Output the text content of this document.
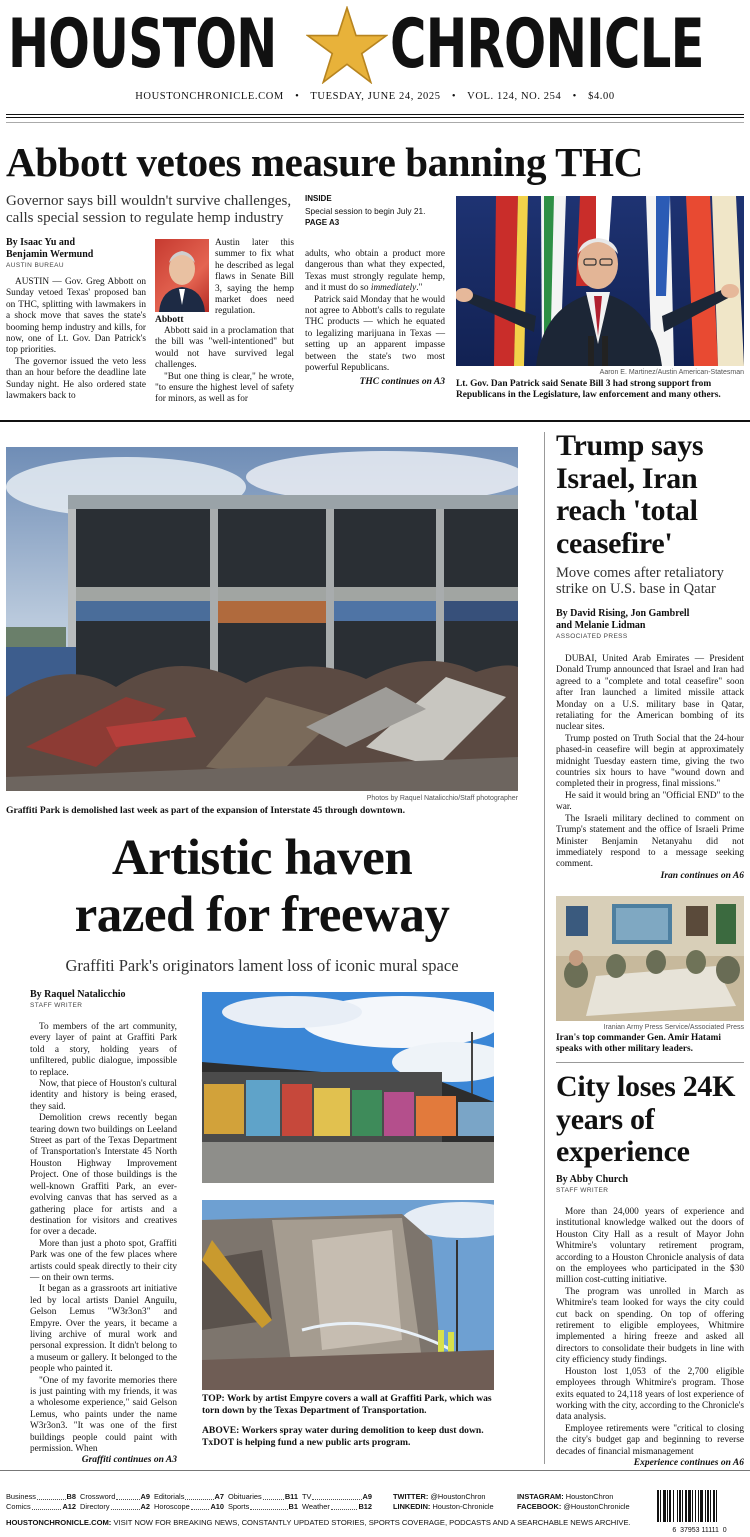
HOUSTON CHRONICLE
HOUSTONCHRONICLE.COM • TUESDAY, JUNE 24, 2025 • VOL. 124, NO. 254 • $4.00
Abbott vetoes measure banning THC
Governor says bill wouldn't survive challenges, calls special session to regulate hemp industry
By Isaac Yu and
Benjamin Wermund
AUSTIN BUREAU

AUSTIN — Gov. Greg Abbott on Sunday vetoed Texas' proposed ban on THC, splitting with lawmakers in a shock move that saves the state's booming hemp industry and kills, for now, one of Lt. Gov. Dan Patrick's top priorities.

The governor issued the veto less than an hour before the deadline late Sunday night. He also ordered state lawmakers back to

Abbott

Austin later this summer to fix what he described as legal flaws in Senate Bill 3, saying the hemp market does need regulation.

Abbott said in a proclamation that the bill was "well-intentioned" but would not have survived legal challenges.

"But one thing is clear," he wrote, "to ensure the highest level of safety for minors, as well as for

INSIDE
Special session to begin July 21.
PAGE A3

adults, who obtain a product more dangerous than what they expected, Texas must strongly regulate hemp, and it must do so immediately."

Patrick said Monday that he would not agree to Abbott's calls to regulate THC products — which he equated to legalizing marijuana in Texas — setting up an apparent impasse between the state's two most powerful Republicans.

THC continues on A3
Aaron E. Martinez/Austin American-Statesman
Lt. Gov. Dan Patrick said Senate Bill 3 had strong support from Republicans in the Legislature, law enforcement and many others.
Photos by Raquel Natalicchio/Staff photographer
Graffiti Park is demolished last week as part of the expansion of Interstate 45 through downtown.
Artistic haven
razed for freeway
Graffiti Park's originators lament loss of iconic mural space
By Raquel Natalicchio
STAFF WRITER

To members of the art community, every layer of paint at Graffiti Park told a story, holding years of unfiltered, public dialogue, impossible to replace.

Now, that piece of Houston's cultural identity and history is being erased, they said.

Demolition crews recently began tearing down two buildings on Leeland Street as part of the Texas Department of Transportation's Interstate 45 North Houston Highway Improvement Project. One of those buildings is the well-known Graffiti Park, an ever-evolving canvas that has served as a gathering place for artists and a destination for visitors and creatives for over a decade.

More than just a photo spot, Graffiti Park was one of the few places where artists could speak directly to their city — on their own terms.

It began as a grassroots art initiative led by local artists Daniel Anguilu, Gelson Lemus "W3r3on3" and Empyre. Over the years, it became a living archive of mural work and personal expression. It didn't belong to a museum or gallery. It belonged to the people who painted it.

"One of my favorite memories there is just painting with my friends, it was a wholesome experience," said Gelson Lemus, who paints under the name W3r3on3. "It was one of the first buildings people could paint with permission. When

Graffiti continues on A3
TOP: Work by artist Empyre covers a wall at Graffiti Park, which was torn down by the Texas Department of Transportation.
ABOVE: Workers spray water during demolition to keep dust down. TxDOT is helping fund a new public arts program.
Trump says Israel, Iran reach 'total ceasefire'
Move comes after retaliatory strike on U.S. base in Qatar
By David Rising, Jon Gambrell
and Melanie Lidman
ASSOCIATED PRESS

DUBAI, United Arab Emirates — President Donald Trump announced that Israel and Iran had agreed to a "complete and total ceasefire" soon after Iran launched a limited missile attack Monday on a U.S. military base in Qatar, retaliating for the American bombing of its nuclear sites.

Trump posted on Truth Social that the 24-hour phased-in ceasefire will begin at approximately midnight Tuesday eastern time, giving the two countries six hours to have "wound down and completed their in progress, final missions."

He said it would bring an "Official END" to the war.

The Israeli military declined to comment on Trump's statement and the office of Israeli Prime Minister Benjamin Netanyahu did not immediately respond to a message seeking comment.

Iran continues on A6
Iranian Army Press Service/Associated Press
Iran's top commander Gen. Amir Hatami speaks with other military leaders.
City loses 24K years of experience
By Abby Church
STAFF WRITER

More than 24,000 years of experience and institutional knowledge walked out the doors of Houston City Hall as a result of Mayor John Whitmire's voluntary retirement program, according to a Houston Chronicle analysis of data on the employees who participated in the $30 million cost-cutting initiative.

The program was unrolled in March as Whitmire's team looked for ways the city could cut back on spending. On top of offering retirement to eligible employees, Whitmire implemented a hiring freeze and asked all directors to consolidate their budgets in line with city efficiency study findings.

Houston lost 1,053 of the 2,700 eligible employees through Whitmire's program. Those exits equated to 24,118 years of lost experience of working with the city, according to the Chronicle's data analysis.

Employee retirements were "critical to closing the city's budget gap and beginning to reverse decades of financial mismanagement

Experience continues on A6
Business	B8
Comics	A12
Crossword	A9
Directory	A2
Editorials	A7
Horoscope	A10
Obituaries	B11
Sports	B1
TV	A9
Weather	B12
TWITTER: @HoustonChron	INSTAGRAM: HoustonChron
LINKEDIN: Houston-Chronicle	FACEBOOK: @HoustonChronicle
HOUSTONCHRONICLE.COM: VISIT NOW FOR BREAKING NEWS, CONSTANTLY UPDATED STORIES, SPORTS COVERAGE, PODCASTS AND A SEARCHABLE NEWS ARCHIVE.
6  37953 11111  0
